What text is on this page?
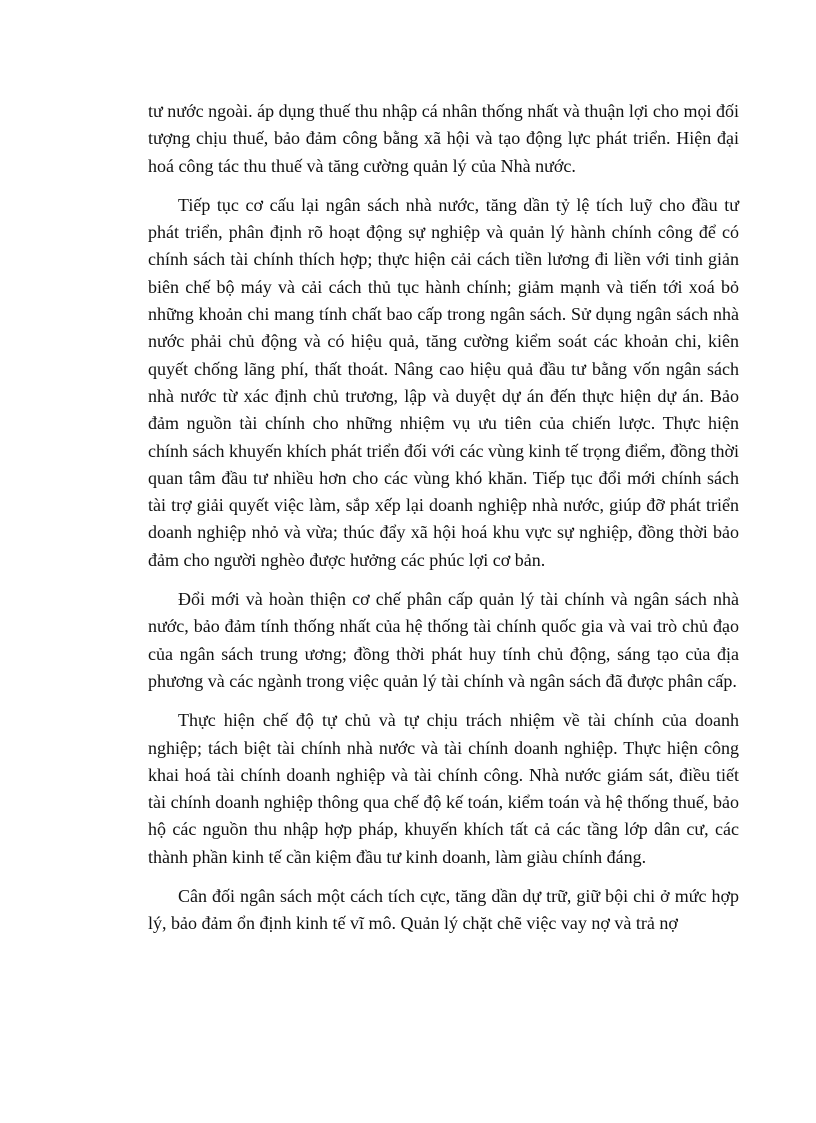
tư nước ngoài. áp dụng thuế thu nhập cá nhân thống nhất và thuận lợi cho mọi đối tượng chịu thuế, bảo đảm công bằng xã hội và tạo động lực phát triển. Hiện đại hoá công tác thu thuế và tăng cường quản lý của Nhà nước.

Tiếp tục cơ cấu lại ngân sách nhà nước, tăng dần tỷ lệ tích luỹ cho đầu tư phát triển, phân định rõ hoạt động sự nghiệp và quản lý hành chính công để có chính sách tài chính thích hợp; thực hiện cải cách tiền lương đi liền với tinh giản biên chế bộ máy và cải cách thủ tục hành chính; giảm mạnh và tiến tới xoá bỏ những khoản chi mang tính chất bao cấp trong ngân sách. Sử dụng ngân sách nhà nước phải chủ động và có hiệu quả, tăng cường kiểm soát các khoản chi, kiên quyết chống lãng phí, thất thoát. Nâng cao hiệu quả đầu tư bằng vốn ngân sách nhà nước từ xác định chủ trương, lập và duyệt dự án đến thực hiện dự án. Bảo đảm nguồn tài chính cho những nhiệm vụ ưu tiên của chiến lược. Thực hiện chính sách khuyến khích phát triển đối với các vùng kinh tế trọng điểm, đồng thời quan tâm đầu tư nhiều hơn cho các vùng khó khăn. Tiếp tục đổi mới chính sách tài trợ giải quyết việc làm, sắp xếp lại doanh nghiệp nhà nước, giúp đỡ phát triển doanh nghiệp nhỏ và vừa; thúc đẩy xã hội hoá khu vực sự nghiệp, đồng thời bảo đảm cho người nghèo được hưởng các phúc lợi cơ bản.

Đổi mới và hoàn thiện cơ chế phân cấp quản lý tài chính và ngân sách nhà nước, bảo đảm tính thống nhất của hệ thống tài chính quốc gia và vai trò chủ đạo của ngân sách trung ương; đồng thời phát huy tính chủ động, sáng tạo của địa phương và các ngành trong việc quản lý tài chính và ngân sách đã được phân cấp.

Thực hiện chế độ tự chủ và tự chịu trách nhiệm về tài chính của doanh nghiệp; tách biệt tài chính nhà nước và tài chính doanh nghiệp. Thực hiện công khai hoá tài chính doanh nghiệp và tài chính công. Nhà nước giám sát, điều tiết tài chính doanh nghiệp thông qua chế độ kế toán, kiểm toán và hệ thống thuế, bảo hộ các nguồn thu nhập hợp pháp, khuyến khích tất cả các tầng lớp dân cư, các thành phần kinh tế cần kiệm đầu tư kinh doanh, làm giàu chính đáng.

Cân đối ngân sách một cách tích cực, tăng dần dự trữ, giữ bội chi ở mức hợp lý, bảo đảm ổn định kinh tế vĩ mô. Quản lý chặt chẽ việc vay nợ và trả nợ
